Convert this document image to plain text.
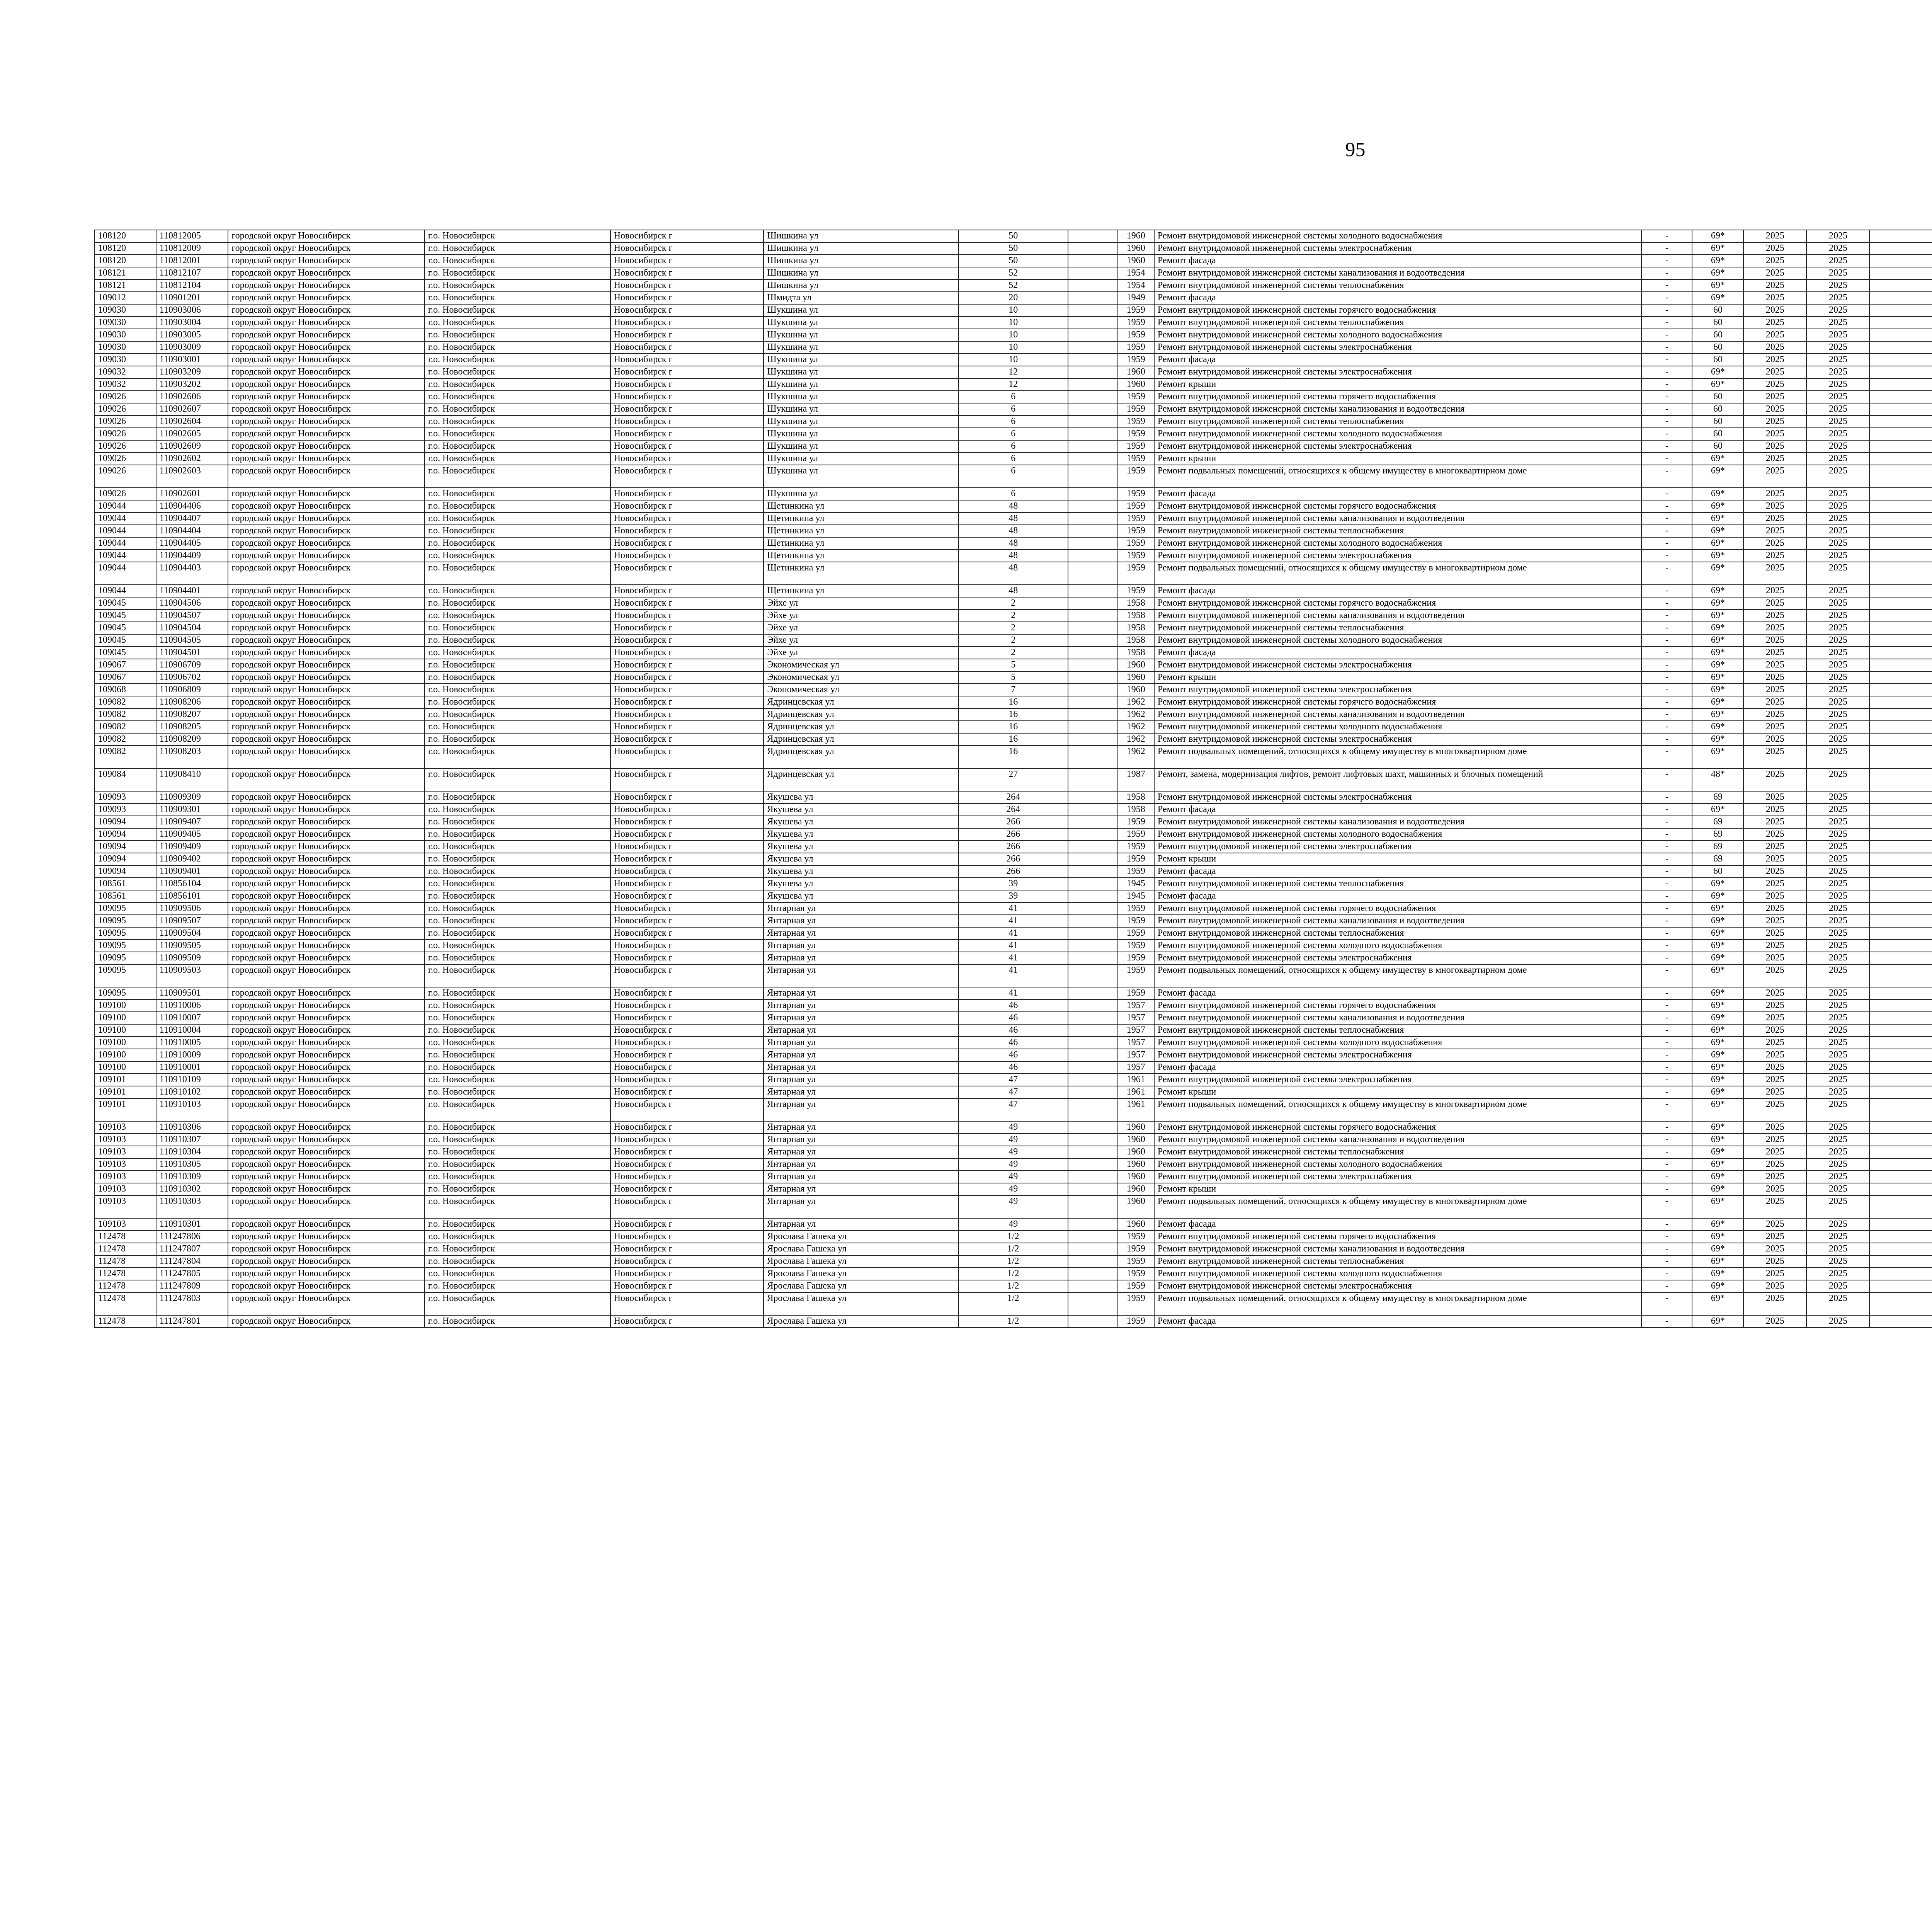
95
108120	110812005	городской округ Новосибирск	г.о. Новосибирск	Новосибирск г	Шишкина ул	50		1960	Ремонт внутридомовой инженерной системы холодного водоснабжения	-	69*	2025	2025								
108120	110812009	городской округ Новосибирск	г.о. Новосибирск	Новосибирск г	Шишкина ул	50		1960	Ремонт внутридомовой инженерной системы электроснабжения	-	69*	2025	2025								
108120	110812001	городской округ Новосибирск	г.о. Новосибирск	Новосибирск г	Шишкина ул	50		1960	Ремонт фасада	-	69*	2025	2025								
108121	110812107	городской округ Новосибирск	г.о. Новосибирск	Новосибирск г	Шишкина ул	52		1954	Ремонт внутридомовой инженерной системы канализования и водоотведения	-	69*	2025	2025								
108121	110812104	городской округ Новосибирск	г.о. Новосибирск	Новосибирск г	Шишкина ул	52		1954	Ремонт внутридомовой инженерной системы теплоснабжения	-	69*	2025	2025								
109012	110901201	городской округ Новосибирск	г.о. Новосибирск	Новосибирск г	Шмидта ул	20		1949	Ремонт фасада	-	69*	2025	2025								
109030	110903006	городской округ Новосибирск	г.о. Новосибирск	Новосибирск г	Шукшина ул	10		1959	Ремонт внутридомовой инженерной системы горячего водоснабжения	-	60	2025	2025								
109030	110903004	городской округ Новосибирск	г.о. Новосибирск	Новосибирск г	Шукшина ул	10		1959	Ремонт внутридомовой инженерной системы теплоснабжения	-	60	2025	2025								
109030	110903005	городской округ Новосибирск	г.о. Новосибирск	Новосибирск г	Шукшина ул	10		1959	Ремонт внутридомовой инженерной системы холодного водоснабжения	-	60	2025	2025								
109030	110903009	городской округ Новосибирск	г.о. Новосибирск	Новосибирск г	Шукшина ул	10		1959	Ремонт внутридомовой инженерной системы электроснабжения	-	60	2025	2025								
109030	110903001	городской округ Новосибирск	г.о. Новосибирск	Новосибирск г	Шукшина ул	10		1959	Ремонт фасада	-	60	2025	2025								
109032	110903209	городской округ Новосибирск	г.о. Новосибирск	Новосибирск г	Шукшина ул	12		1960	Ремонт внутридомовой инженерной системы электроснабжения	-	69*	2025	2025								
109032	110903202	городской округ Новосибирск	г.о. Новосибирск	Новосибирск г	Шукшина ул	12		1960	Ремонт крыши	-	69*	2025	2025								
109026	110902606	городской округ Новосибирск	г.о. Новосибирск	Новосибирск г	Шукшина ул	6		1959	Ремонт внутридомовой инженерной системы горячего водоснабжения	-	60	2025	2025								
109026	110902607	городской округ Новосибирск	г.о. Новосибирск	Новосибирск г	Шукшина ул	6		1959	Ремонт внутридомовой инженерной системы канализования и водоотведения	-	60	2025	2025								
109026	110902604	городской округ Новосибирск	г.о. Новосибирск	Новосибирск г	Шукшина ул	6		1959	Ремонт внутридомовой инженерной системы теплоснабжения	-	60	2025	2025								
109026	110902605	городской округ Новосибирск	г.о. Новосибирск	Новосибирск г	Шукшина ул	6		1959	Ремонт внутридомовой инженерной системы холодного водоснабжения	-	60	2025	2025								
109026	110902609	городской округ Новосибирск	г.о. Новосибирск	Новосибирск г	Шукшина ул	6		1959	Ремонт внутридомовой инженерной системы электроснабжения	-	60	2025	2025								
109026	110902602	городской округ Новосибирск	г.о. Новосибирск	Новосибирск г	Шукшина ул	6		1959	Ремонт крыши	-	69*	2025	2025								
109026	110902603	городской округ Новосибирск	г.о. Новосибирск	Новосибирск г	Шукшина ул	6		1959	Ремонт подвальных помещений, относящихся к общему имуществу в многоквартирном доме	-	69*	2025	2025								
109026	110902601	городской округ Новосибирск	г.о. Новосибирск	Новосибирск г	Шукшина ул	6		1959	Ремонт фасада	-	69*	2025	2025								
109044	110904406	городской округ Новосибирск	г.о. Новосибирск	Новосибирск г	Щетинкина ул	48		1959	Ремонт внутридомовой инженерной системы горячего водоснабжения	-	69*	2025	2025								
109044	110904407	городской округ Новосибирск	г.о. Новосибирск	Новосибирск г	Щетинкина ул	48		1959	Ремонт внутридомовой инженерной системы канализования и водоотведения	-	69*	2025	2025								
109044	110904404	городской округ Новосибирск	г.о. Новосибирск	Новосибирск г	Щетинкина ул	48		1959	Ремонт внутридомовой инженерной системы теплоснабжения	-	69*	2025	2025								
109044	110904405	городской округ Новосибирск	г.о. Новосибирск	Новосибирск г	Щетинкина ул	48		1959	Ремонт внутридомовой инженерной системы холодного водоснабжения	-	69*	2025	2025								
109044	110904409	городской округ Новосибирск	г.о. Новосибирск	Новосибирск г	Щетинкина ул	48		1959	Ремонт внутридомовой инженерной системы электроснабжения	-	69*	2025	2025								
109044	110904403	городской округ Новосибирск	г.о. Новосибирск	Новосибирск г	Щетинкина ул	48		1959	Ремонт подвальных помещений, относящихся к общему имуществу в многоквартирном доме	-	69*	2025	2025								
109044	110904401	городской округ Новосибирск	г.о. Новосибирск	Новосибирск г	Щетинкина ул	48		1959	Ремонт фасада	-	69*	2025	2025								
109045	110904506	городской округ Новосибирск	г.о. Новосибирск	Новосибирск г	Эйхе ул	2		1958	Ремонт внутридомовой инженерной системы горячего водоснабжения	-	69*	2025	2025								
109045	110904507	городской округ Новосибирск	г.о. Новосибирск	Новосибирск г	Эйхе ул	2		1958	Ремонт внутридомовой инженерной системы канализования и водоотведения	-	69*	2025	2025								
109045	110904504	городской округ Новосибирск	г.о. Новосибирск	Новосибирск г	Эйхе ул	2		1958	Ремонт внутридомовой инженерной системы теплоснабжения	-	69*	2025	2025								
109045	110904505	городской округ Новосибирск	г.о. Новосибирск	Новосибирск г	Эйхе ул	2		1958	Ремонт внутридомовой инженерной системы холодного водоснабжения	-	69*	2025	2025								
109045	110904501	городской округ Новосибирск	г.о. Новосибирск	Новосибирск г	Эйхе ул	2		1958	Ремонт фасада	-	69*	2025	2025								
109067	110906709	городской округ Новосибирск	г.о. Новосибирск	Новосибирск г	Экономическая ул	5		1960	Ремонт внутридомовой инженерной системы электроснабжения	-	69*	2025	2025								
109067	110906702	городской округ Новосибирск	г.о. Новосибирск	Новосибирск г	Экономическая ул	5		1960	Ремонт крыши	-	69*	2025	2025								
109068	110906809	городской округ Новосибирск	г.о. Новосибирск	Новосибирск г	Экономическая ул	7		1960	Ремонт внутридомовой инженерной системы электроснабжения	-	69*	2025	2025								
109082	110908206	городской округ Новосибирск	г.о. Новосибирск	Новосибирск г	Ядринцевская ул	16		1962	Ремонт внутридомовой инженерной системы горячего водоснабжения	-	69*	2025	2025								
109082	110908207	городской округ Новосибирск	г.о. Новосибирск	Новосибирск г	Ядринцевская ул	16		1962	Ремонт внутридомовой инженерной системы канализования и водоотведения	-	69*	2025	2025								
109082	110908205	городской округ Новосибирск	г.о. Новосибирск	Новосибирск г	Ядринцевская ул	16		1962	Ремонт внутридомовой инженерной системы холодного водоснабжения	-	69*	2025	2025								
109082	110908209	городской округ Новосибирск	г.о. Новосибирск	Новосибирск г	Ядринцевская ул	16		1962	Ремонт внутридомовой инженерной системы электроснабжения	-	69*	2025	2025								
109082	110908203	городской округ Новосибирск	г.о. Новосибирск	Новосибирск г	Ядринцевская ул	16		1962	Ремонт подвальных помещений, относящихся к общему имуществу в многоквартирном доме	-	69*	2025	2025								
109084	110908410	городской округ Новосибирск	г.о. Новосибирск	Новосибирск г	Ядринцевская ул	27		1987	Ремонт, замена, модернизация лифтов, ремонт лифтовых шахт, машинных и блочных помещений	-	48*	2025	2025								
109093	110909309	городской округ Новосибирск	г.о. Новосибирск	Новосибирск г	Якушева ул	264		1958	Ремонт внутридомовой инженерной системы электроснабжения	-	69	2025	2025								
109093	110909301	городской округ Новосибирск	г.о. Новосибирск	Новосибирск г	Якушева ул	264		1958	Ремонт фасада	-	69*	2025	2025								
109094	110909407	городской округ Новосибирск	г.о. Новосибирск	Новосибирск г	Якушева ул	266		1959	Ремонт внутридомовой инженерной системы канализования и водоотведения	-	69	2025	2025								
109094	110909405	городской округ Новосибирск	г.о. Новосибирск	Новосибирск г	Якушева ул	266		1959	Ремонт внутридомовой инженерной системы холодного водоснабжения	-	69	2025	2025								
109094	110909409	городской округ Новосибирск	г.о. Новосибирск	Новосибирск г	Якушева ул	266		1959	Ремонт внутридомовой инженерной системы электроснабжения	-	69	2025	2025								
109094	110909402	городской округ Новосибирск	г.о. Новосибирск	Новосибирск г	Якушева ул	266		1959	Ремонт крыши	-	69	2025	2025								
109094	110909401	городской округ Новосибирск	г.о. Новосибирск	Новосибирск г	Якушева ул	266		1959	Ремонт фасада	-	60	2025	2025								
108561	110856104	городской округ Новосибирск	г.о. Новосибирск	Новосибирск г	Якушева ул	39		1945	Ремонт внутридомовой инженерной системы теплоснабжения	-	69*	2025	2025								
108561	110856101	городской округ Новосибирск	г.о. Новосибирск	Новосибирск г	Якушева ул	39		1945	Ремонт фасада	-	69*	2025	2025								
109095	110909506	городской округ Новосибирск	г.о. Новосибирск	Новосибирск г	Янтарная ул	41		1959	Ремонт внутридомовой инженерной системы горячего водоснабжения	-	69*	2025	2025								
109095	110909507	городской округ Новосибирск	г.о. Новосибирск	Новосибирск г	Янтарная ул	41		1959	Ремонт внутридомовой инженерной системы канализования и водоотведения	-	69*	2025	2025								
109095	110909504	городской округ Новосибирск	г.о. Новосибирск	Новосибирск г	Янтарная ул	41		1959	Ремонт внутридомовой инженерной системы теплоснабжения	-	69*	2025	2025								
109095	110909505	городской округ Новосибирск	г.о. Новосибирск	Новосибирск г	Янтарная ул	41		1959	Ремонт внутридомовой инженерной системы холодного водоснабжения	-	69*	2025	2025								
109095	110909509	городской округ Новосибирск	г.о. Новосибирск	Новосибирск г	Янтарная ул	41		1959	Ремонт внутридомовой инженерной системы электроснабжения	-	69*	2025	2025								
109095	110909503	городской округ Новосибирск	г.о. Новосибирск	Новосибирск г	Янтарная ул	41		1959	Ремонт подвальных помещений, относящихся к общему имуществу в многоквартирном доме	-	69*	2025	2025								
109095	110909501	городской округ Новосибирск	г.о. Новосибирск	Новосибирск г	Янтарная ул	41		1959	Ремонт фасада	-	69*	2025	2025								
109100	110910006	городской округ Новосибирск	г.о. Новосибирск	Новосибирск г	Янтарная ул	46		1957	Ремонт внутридомовой инженерной системы горячего водоснабжения	-	69*	2025	2025								
109100	110910007	городской округ Новосибирск	г.о. Новосибирск	Новосибирск г	Янтарная ул	46		1957	Ремонт внутридомовой инженерной системы канализования и водоотведения	-	69*	2025	2025								
109100	110910004	городской округ Новосибирск	г.о. Новосибирск	Новосибирск г	Янтарная ул	46		1957	Ремонт внутридомовой инженерной системы теплоснабжения	-	69*	2025	2025								
109100	110910005	городской округ Новосибирск	г.о. Новосибирск	Новосибирск г	Янтарная ул	46		1957	Ремонт внутридомовой инженерной системы холодного водоснабжения	-	69*	2025	2025								
109100	110910009	городской округ Новосибирск	г.о. Новосибирск	Новосибирск г	Янтарная ул	46		1957	Ремонт внутридомовой инженерной системы электроснабжения	-	69*	2025	2025								
109100	110910001	городской округ Новосибирск	г.о. Новосибирск	Новосибирск г	Янтарная ул	46		1957	Ремонт фасада	-	69*	2025	2025								
109101	110910109	городской округ Новосибирск	г.о. Новосибирск	Новосибирск г	Янтарная ул	47		1961	Ремонт внутридомовой инженерной системы электроснабжения	-	69*	2025	2025								
109101	110910102	городской округ Новосибирск	г.о. Новосибирск	Новосибирск г	Янтарная ул	47		1961	Ремонт крыши	-	69*	2025	2025								
109101	110910103	городской округ Новосибирск	г.о. Новосибирск	Новосибирск г	Янтарная ул	47		1961	Ремонт подвальных помещений, относящихся к общему имуществу в многоквартирном доме	-	69*	2025	2025								
109103	110910306	городской округ Новосибирск	г.о. Новосибирск	Новосибирск г	Янтарная ул	49		1960	Ремонт внутридомовой инженерной системы горячего водоснабжения	-	69*	2025	2025								
109103	110910307	городской округ Новосибирск	г.о. Новосибирск	Новосибирск г	Янтарная ул	49		1960	Ремонт внутридомовой инженерной системы канализования и водоотведения	-	69*	2025	2025								
109103	110910304	городской округ Новосибирск	г.о. Новосибирск	Новосибирск г	Янтарная ул	49		1960	Ремонт внутридомовой инженерной системы теплоснабжения	-	69*	2025	2025								
109103	110910305	городской округ Новосибирск	г.о. Новосибирск	Новосибирск г	Янтарная ул	49		1960	Ремонт внутридомовой инженерной системы холодного водоснабжения	-	69*	2025	2025								
109103	110910309	городской округ Новосибирск	г.о. Новосибирск	Новосибирск г	Янтарная ул	49		1960	Ремонт внутридомовой инженерной системы электроснабжения	-	69*	2025	2025								
109103	110910302	городской округ Новосибирск	г.о. Новосибирск	Новосибирск г	Янтарная ул	49		1960	Ремонт крыши	-	69*	2025	2025								
109103	110910303	городской округ Новосибирск	г.о. Новосибирск	Новосибирск г	Янтарная ул	49		1960	Ремонт подвальных помещений, относящихся к общему имуществу в многоквартирном доме	-	69*	2025	2025								
109103	110910301	городской округ Новосибирск	г.о. Новосибирск	Новосибирск г	Янтарная ул	49		1960	Ремонт фасада	-	69*	2025	2025								
112478	111247806	городской округ Новосибирск	г.о. Новосибирск	Новосибирск г	Ярослава Гашека ул	1/2		1959	Ремонт внутридомовой инженерной системы горячего водоснабжения	-	69*	2025	2025								
112478	111247807	городской округ Новосибирск	г.о. Новосибирск	Новосибирск г	Ярослава Гашека ул	1/2		1959	Ремонт внутридомовой инженерной системы канализования и водоотведения	-	69*	2025	2025								
112478	111247804	городской округ Новосибирск	г.о. Новосибирск	Новосибирск г	Ярослава Гашека ул	1/2		1959	Ремонт внутридомовой инженерной системы теплоснабжения	-	69*	2025	2025								
112478	111247805	городской округ Новосибирск	г.о. Новосибирск	Новосибирск г	Ярослава Гашека ул	1/2		1959	Ремонт внутридомовой инженерной системы холодного водоснабжения	-	69*	2025	2025								
112478	111247809	городской округ Новосибирск	г.о. Новосибирск	Новосибирск г	Ярослава Гашека ул	1/2		1959	Ремонт внутридомовой инженерной системы электроснабжения	-	69*	2025	2025								
112478	111247803	городской округ Новосибирск	г.о. Новосибирск	Новосибирск г	Ярослава Гашека ул	1/2		1959	Ремонт подвальных помещений, относящихся к общему имуществу в многоквартирном доме	-	69*	2025	2025								
112478	111247801	городской округ Новосибирск	г.о. Новосибирск	Новосибирск г	Ярослава Гашека ул	1/2		1959	Ремонт фасада	-	69*	2025	2025								
